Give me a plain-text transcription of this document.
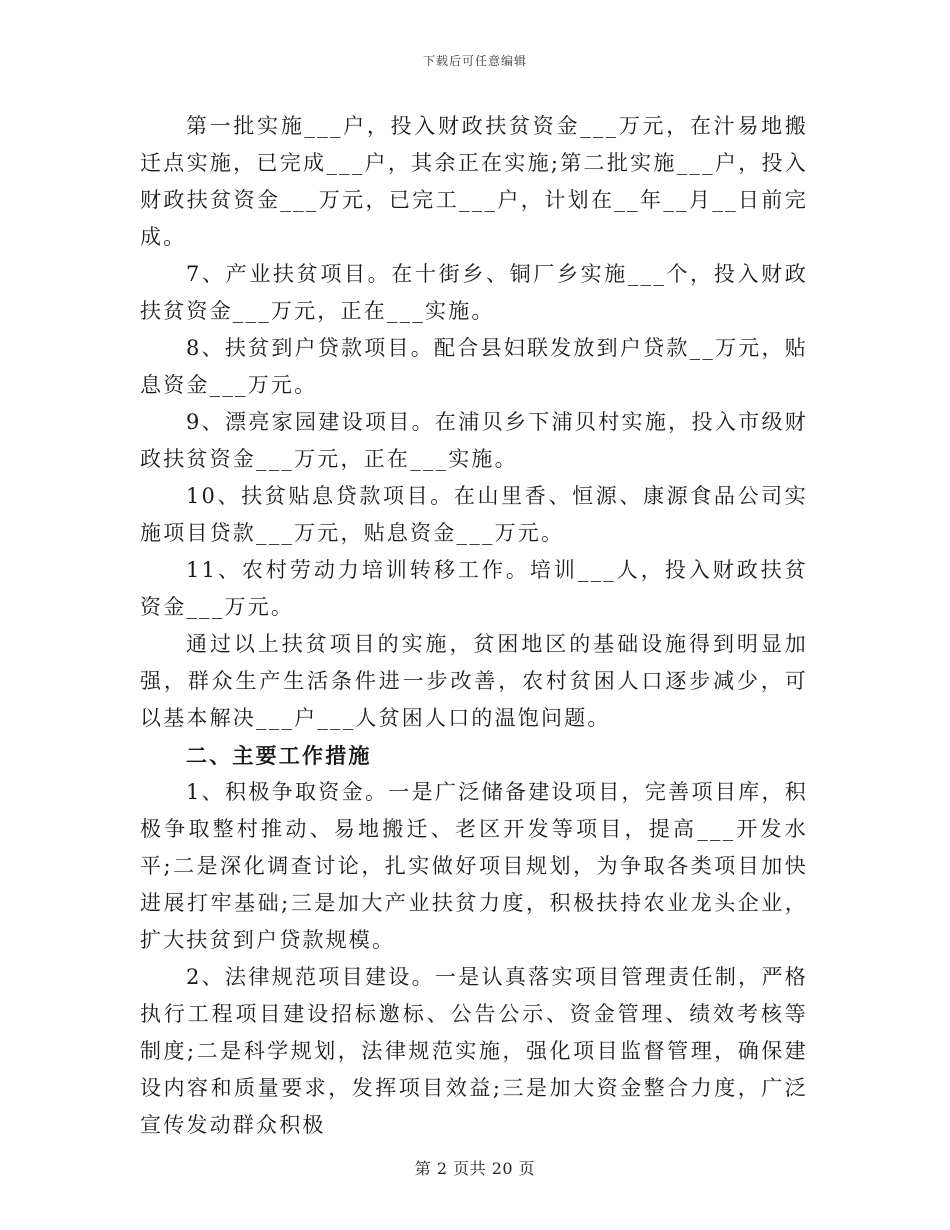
下载后可任意编辑

第一批实施___户，投入财政扶贫资金___万元，在汁易地搬迁点实施，已完成___户，其余正在实施;第二批实施___户，投入财政扶贫资金___万元，已完工___户，计划在__年__月__日前完成。

7、产业扶贫项目。在十街乡、铜厂乡实施___个，投入财政扶贫资金___万元，正在___实施。

8、扶贫到户贷款项目。配合县妇联发放到户贷款__万元，贴息资金___万元。

9、漂亮家园建设项目。在浦贝乡下浦贝村实施，投入市级财政扶贫资金___万元，正在___实施。

10、扶贫贴息贷款项目。在山里香、恒源、康源食品公司实施项目贷款___万元，贴息资金___万元。

11、农村劳动力培训转移工作。培训___人，投入财政扶贫资金___万元。

通过以上扶贫项目的实施，贫困地区的基础设施得到明显加强，群众生产生活条件进一步改善，农村贫困人口逐步减少，可以基本解决___户___人贫困人口的温饱问题。

二、主要工作措施

1、积极争取资金。一是广泛储备建设项目，完善项目库，积极争取整村推动、易地搬迁、老区开发等项目，提高___开发水平;二是深化调查讨论，扎实做好项目规划，为争取各类项目加快进展打牢基础;三是加大产业扶贫力度，积极扶持农业龙头企业，扩大扶贫到户贷款规模。

2、法律规范项目建设。一是认真落实项目管理责任制，严格执行工程项目建设招标邀标、公告公示、资金管理、绩效考核等制度;二是科学规划，法律规范实施，强化项目监督管理，确保建设内容和质量要求，发挥项目效益;三是加大资金整合力度，广泛宣传发动群众积极

第 2 页共 20 页
